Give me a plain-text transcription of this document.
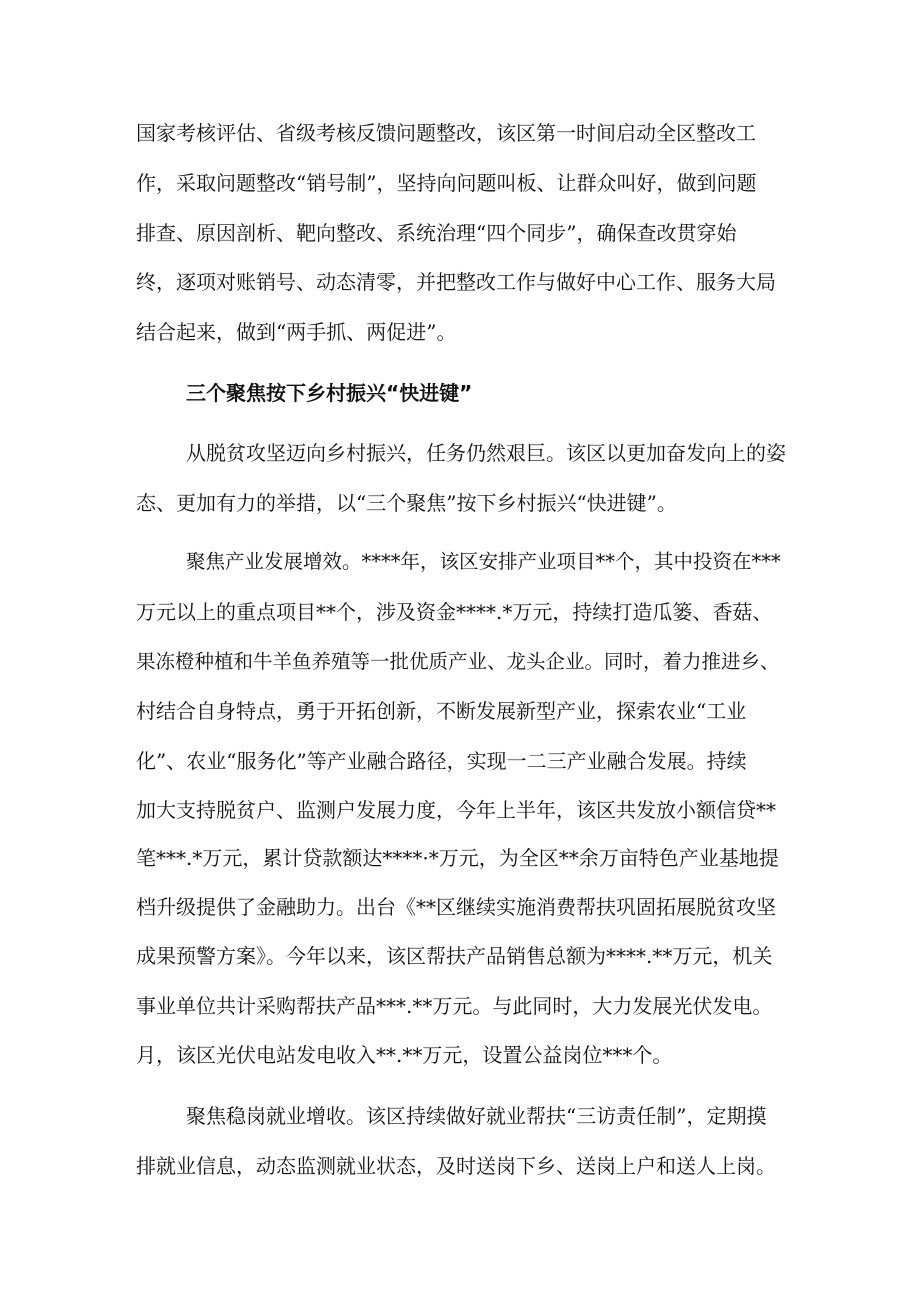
国家考核评估、省级考核反馈问题整改，该区第一时间启动全区整改工
作，采取问题整改“销号制”，坚持向问题叫板、让群众叫好，做到问题
排查、原因剖析、靶向整改、系统治理“四个同步”，确保查改贯穿始
终，逐项对账销号、动态清零，并把整改工作与做好中心工作、服务大局
结合起来，做到“两手抓、两促进”。
三个聚焦按下乡村振兴“快进键”
从脱贫攻坚迈向乡村振兴，任务仍然艰巨。该区以更加奋发向上的姿
态、更加有力的举措，以“三个聚焦”按下乡村振兴“快进键”。
聚焦产业发展增效。****年，该区安排产业项目**个，其中投资在***
万元以上的重点项目**个，涉及资金****.*万元，持续打造瓜篓、香菇、
果冻橙种植和牛羊鱼养殖等一批优质产业、龙头企业。同时，着力推进乡、
村结合自身特点，勇于开拓创新，不断发展新型产业，探索农业“工业
化”、农业“服务化”等产业融合路径，实现一二三产业融合发展。持续
加大支持脱贫户、监测户发展力度，今年上半年，该区共发放小额信贷**
笔***.*万元，累计贷款额达****·*万元，为全区**余万亩特色产业基地提
档升级提供了金融助力。出台《**区继续实施消费帮扶巩固拓展脱贫攻坚
成果预警方案》。今年以来，该区帮扶产品销售总额为****.**万元，机关
事业单位共计采购帮扶产品***.**万元。与此同时，大力发展光伏发电。
月，该区光伏电站发电收入**.**万元，设置公益岗位***个。
聚焦稳岗就业增收。该区持续做好就业帮扶“三访责任制”，定期摸
排就业信息，动态监测就业状态，及时送岗下乡、送岗上户和送人上岗。
